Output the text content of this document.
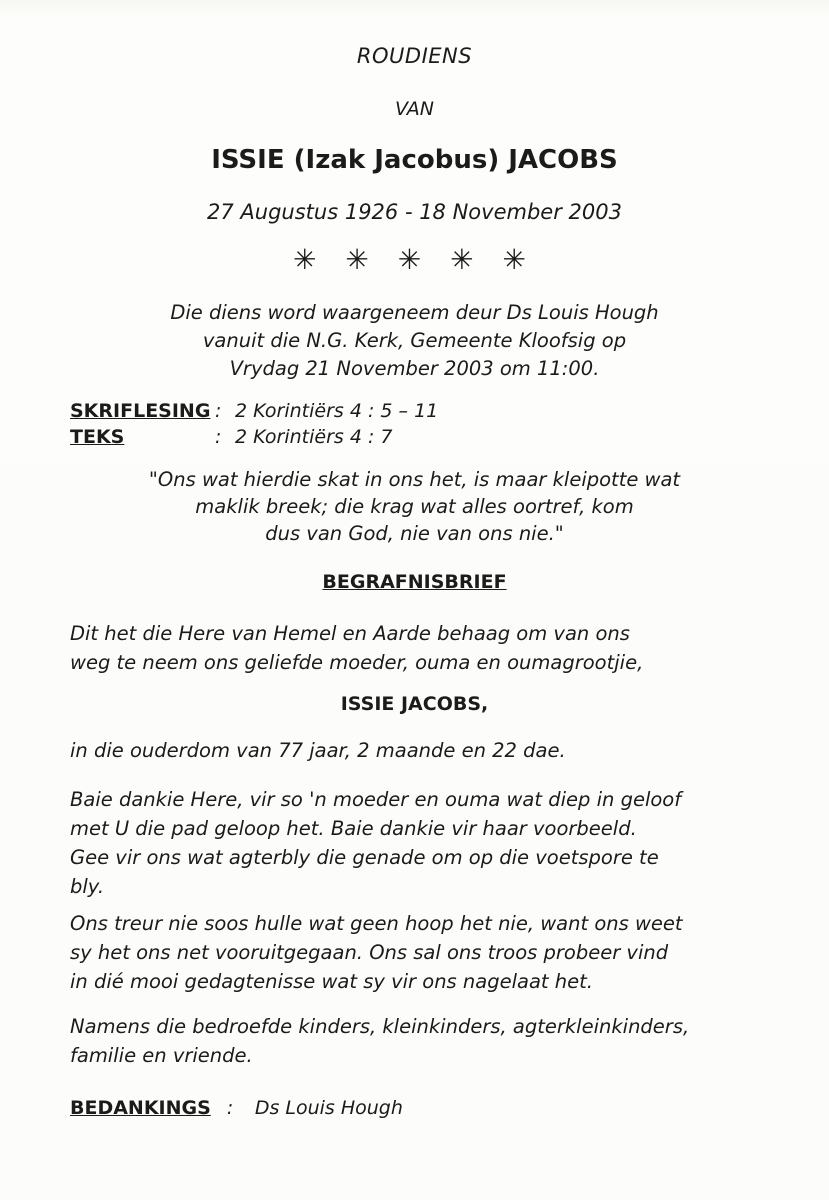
ROUDIENS
VAN
ISSIE (Izak Jacobus) JACOBS
27 Augustus 1926 - 18 November 2003
✳ ✳ ✳ ✳ ✳
Die diens word waargeneem deur Ds Louis Hough
vanuit die N.G. Kerk, Gemeente Kloofsig op
Vrydag 21 November 2003 om 11:00.
SKRIFLESING : 2 Korintiërs 4 : 5 – 11
TEKS	: 2 Korintiërs 4 : 7
"Ons wat hierdie skat in ons het, is maar kleipotte wat
maklik breek; die krag wat alles oortref, kom
dus van God, nie van ons nie."
BEGRAFNISBRIEF
Dit het die Here van Hemel en Aarde behaag om van ons
weg te neem ons geliefde moeder, ouma en oumagrootjie,
ISSIE JACOBS,
in die ouderdom van 77 jaar, 2 maande en 22 dae.
Baie dankie Here, vir so 'n moeder en ouma wat diep in geloof
met U die pad geloop het. Baie dankie vir haar voorbeeld.
Gee vir ons wat agterbly die genade om op die voetspore te
bly.
Ons treur nie soos hulle wat geen hoop het nie, want ons weet
sy het ons net vooruitgegaan. Ons sal ons troos probeer vind
in dié mooi gedagtenisse wat sy vir ons nagelaat het.
Namens die bedroefde kinders, kleinkinders, agterkleinkinders,
familie en vriende.
BEDANKINGS : Ds Louis Hough
